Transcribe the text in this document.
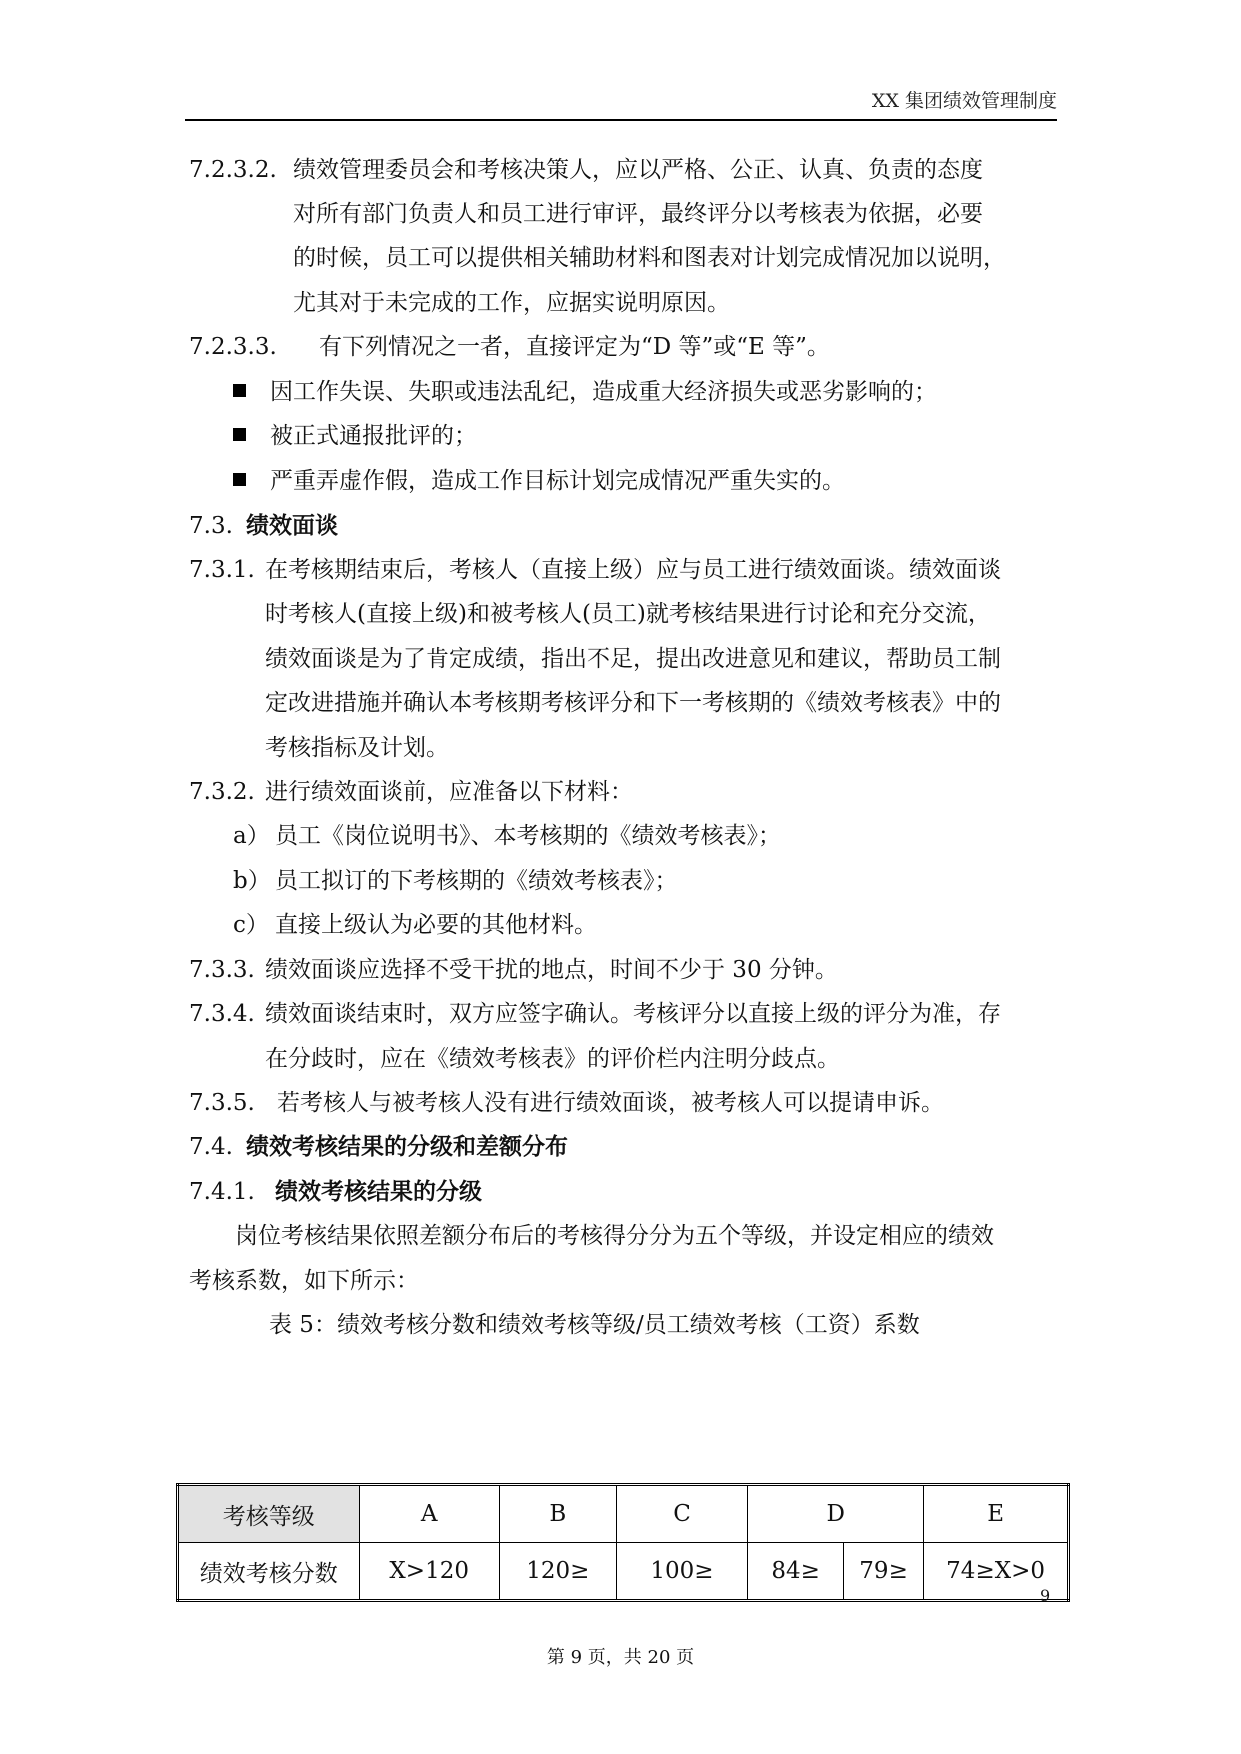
XX 集团绩效管理制度
7.2.3.2. 绩效管理委员会和考核决策人，应以严格、公正、认真、负责的态度
对所有部门负责人和员工进行审评，最终评分以考核表为依据，必要
的时候，员工可以提供相关辅助材料和图表对计划完成情况加以说明，
尤其对于未完成的工作，应据实说明原因。
7.2.3.3. 有下列情况之一者，直接评定为“D 等”或“E 等”。
因工作失误、失职或违法乱纪，造成重大经济损失或恶劣影响的；
被正式通报批评的；
严重弄虚作假，造成工作目标计划完成情况严重失实的。
7.3. 绩效面谈
7.3.1. 在考核期结束后，考核人（直接上级）应与员工进行绩效面谈。绩效面谈
时考核人(直接上级)和被考核人(员工)就考核结果进行讨论和充分交流，
绩效面谈是为了肯定成绩，指出不足，提出改进意见和建议，帮助员工制
定改进措施并确认本考核期考核评分和下一考核期的《绩效考核表》中的
考核指标及计划。
7.3.2. 进行绩效面谈前，应准备以下材料：
a） 员工《岗位说明书》、本考核期的《绩效考核表》；
b） 员工拟订的下考核期的《绩效考核表》；
c） 直接上级认为必要的其他材料。
7.3.3. 绩效面谈应选择不受干扰的地点，时间不少于 30 分钟。
7.3.4. 绩效面谈结束时，双方应签字确认。考核评分以直接上级的评分为准，存
在分歧时，应在《绩效考核表》的评价栏内注明分歧点。
7.3.5. 若考核人与被考核人没有进行绩效面谈，被考核人可以提请申诉。
7.4. 绩效考核结果的分级和差额分布
7.4.1. 绩效考核结果的分级
岗位考核结果依照差额分布后的考核得分分为五个等级，并设定相应的绩效
考核系数，如下所示：
表 5：绩效考核分数和绩效考核等级/员工绩效考核（工资）系数
考核等级	A	B	C	D		E
绩效考核分数	X>120	120≥	100≥	84≥	79≥	74≥X>0
9
第 9 页，共 20 页
